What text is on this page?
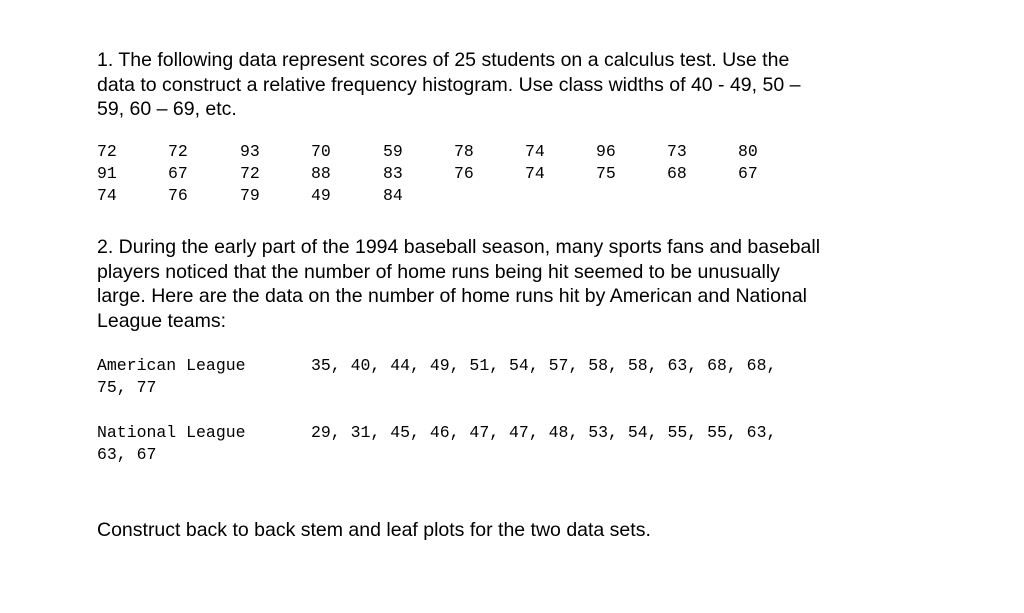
1. The following data represent scores of 25 students on a calculus test. Use the
data to construct a relative frequency histogram. Use class widths of 40 - 49, 50 –
59, 60 – 69, etc.
72	72	93	70	59	78	74	96	73	80
91	67	72	88	83	76	74	75	68	67
74	76	79	49	84
2. During the early part of the 1994 baseball season, many sports fans and baseball
players noticed that the number of home runs being hit seemed to be unusually
large. Here are the data on the number of home runs hit by American and National
League teams:
American League	35, 40, 44, 49, 51, 54, 57, 58, 58, 63, 68, 68,
75, 77
National League	29, 31, 45, 46, 47, 47, 48, 53, 54, 55, 55, 63,
63, 67
Construct back to back stem and leaf plots for the two data sets.
